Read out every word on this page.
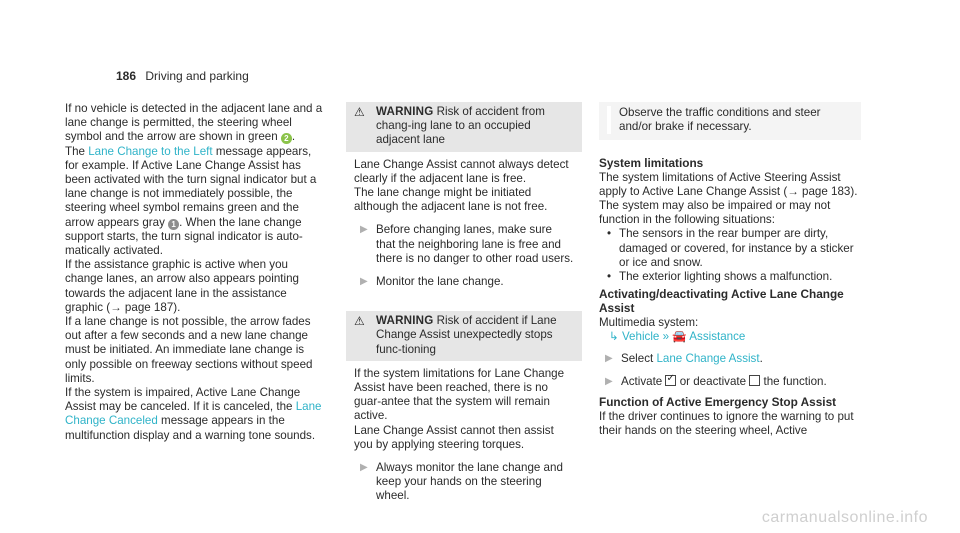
186 Driving and parking

If no vehicle is detected in the adjacent lane and a lane change is permitted, the steering wheel symbol and the arrow are shown in green 2 .
The Lane Change to the Left message appears, for example. If Active Lane Change Assist has been activated with the turn signal indicator but a lane change is not immediately possible, the steering wheel symbol remains green and the arrow appears gray 1 . When the lane change support starts, the turn signal indicator is auto-matically activated.

If the assistance graphic is active when you change lanes, an arrow also appears pointing towards the adjacent lane in the assistance graphic (→ page 187).

If a lane change is not possible, the arrow fades out after a few seconds and a new lane change must be initiated. An immediate lane change is only possible on freeway sections without speed limits.

If the system is impaired, Active Lane Change Assist may be canceled. If it is canceled, the Lane Change Canceled message appears in the multifunction display and a warning tone sounds.

⚠ WARNING Risk of accident from chang-ing lane to an occupied adjacent lane

Lane Change Assist cannot always detect clearly if the adjacent lane is free.

The lane change might be initiated although the adjacent lane is not free.

▶ Before changing lanes, make sure that the neighboring lane is free and there is no danger to other road users.
▶ Monitor the lane change.
⚠ WARNING Risk of accident if Lane Change Assist unexpectedly stops func-tioning

If the system limitations for Lane Change Assist have been reached, there is no guar-antee that the system will remain active.

Lane Change Assist cannot then assist you by applying steering torques.

▶ Always monitor the lane change and keep your hands on the steering wheel.
Observe the traffic conditions and steer and/or brake if necessary.
System limitations

The system limitations of Active Steering Assist apply to Active Lane Change Assist (→ page 183).

The system may also be impaired or may not function in the following situations:

• The sensors in the rear bumper are dirty, damaged or covered, for instance by a sticker or ice and snow.
• The exterior lighting shows a malfunction.
Activating/deactivating Active Lane Change Assist

Multimedia system:

↳ Vehicle » 🚘 Assistance
▶ Select Lane Change Assist.
▶ Activate ✓ or deactivate  the function.
Function of Active Emergency Stop Assist

If the driver continues to ignore the warning to put their hands on the steering wheel, Active

carmanualsonline.info
